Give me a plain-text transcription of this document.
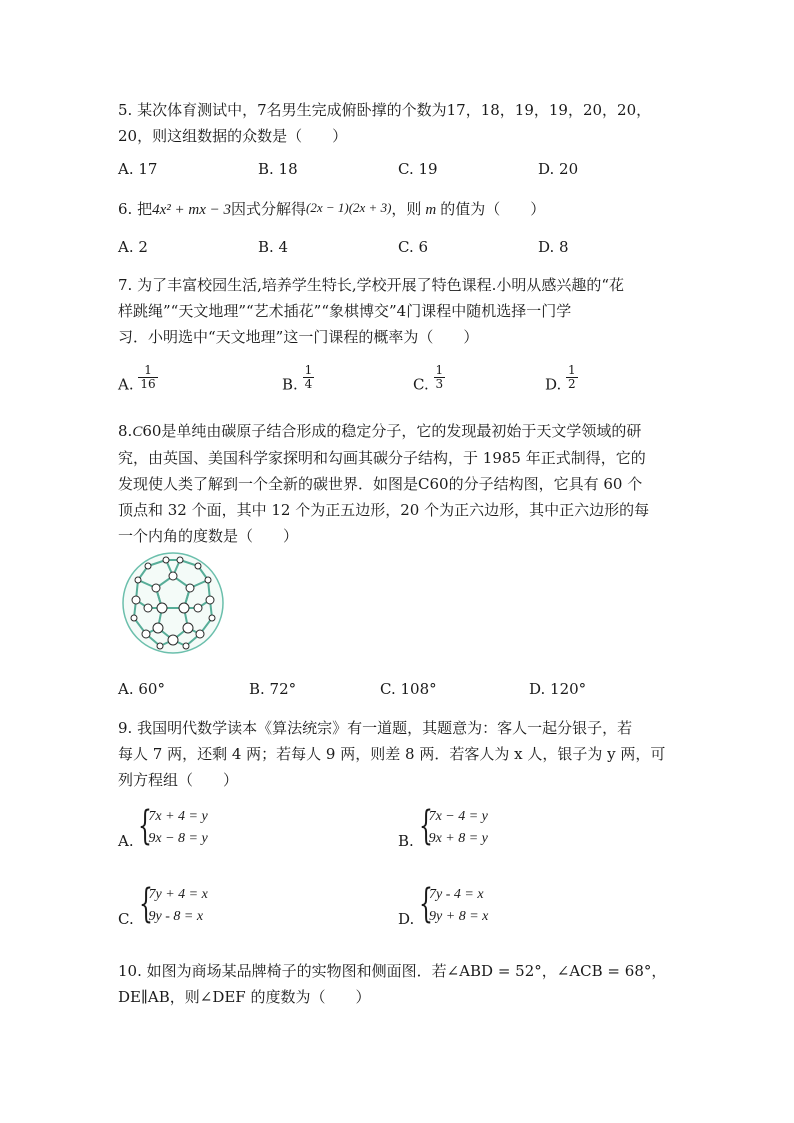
5. 某次体育测试中，7名男生完成俯卧撑的个数为17，18，19，19，20，20，
20，则这组数据的众数是（　　）
A. 17	B. 18	C. 19	D. 20
6. 把4x² + mx − 3因式分解得(2x − 1)(2x + 3)，则 m 的值为（　　）
A. 2	B. 4	C. 6	D. 8
7. 为了丰富校园生活,培养学生特长,学校开展了特色课程.小明从感兴趣的“花
样跳绳”“天文地理”“艺术插花”“象棋博交”4门课程中随机选择一门学
习．小明选中“天文地理”这一门课程的概率为（　　）
A. $\frac{1}{16}$	B. $\frac{1}{4}$	C. $\frac{1}{3}$	D. $\frac{1}{2}$
8.C60是单纯由碳原子结合形成的稳定分子，它的发现最初始于天文学领域的研
究，由英国、美国科学家探明和勾画其碳分子结构，于 1985 年正式制得，它的
发现使人类了解到一个全新的碳世界．如图是C60的分子结构图，它具有 60 个
顶点和 32 个面，其中 12 个为正五边形，20 个为正六边形，其中正六边形的每
一个内角的度数是（　　）
A. 60°	B. 72°	C. 108°	D. 120°
9. 我国明代数学读本《算法统宗》有一道题，其题意为：客人一起分银子，若
每人 7 两，还剩 4 两；若每人 9 两，则差 8 两．若客人为 x 人，银子为 y 两，可
列方程组（　　）
A. {
7x + 4 = y
9x − 8 = y	B. {
7x − 4 = y
9x + 8 = y
C. {
7y + 4 = x
9y - 8 = x	D. {
7y - 4 = x
9y + 8 = x
10. 如图为商场某品牌椅子的实物图和侧面图．若∠ABD = 52°，∠ACB = 68°，
DE∥AB，则∠DEF 的度数为（　　）
